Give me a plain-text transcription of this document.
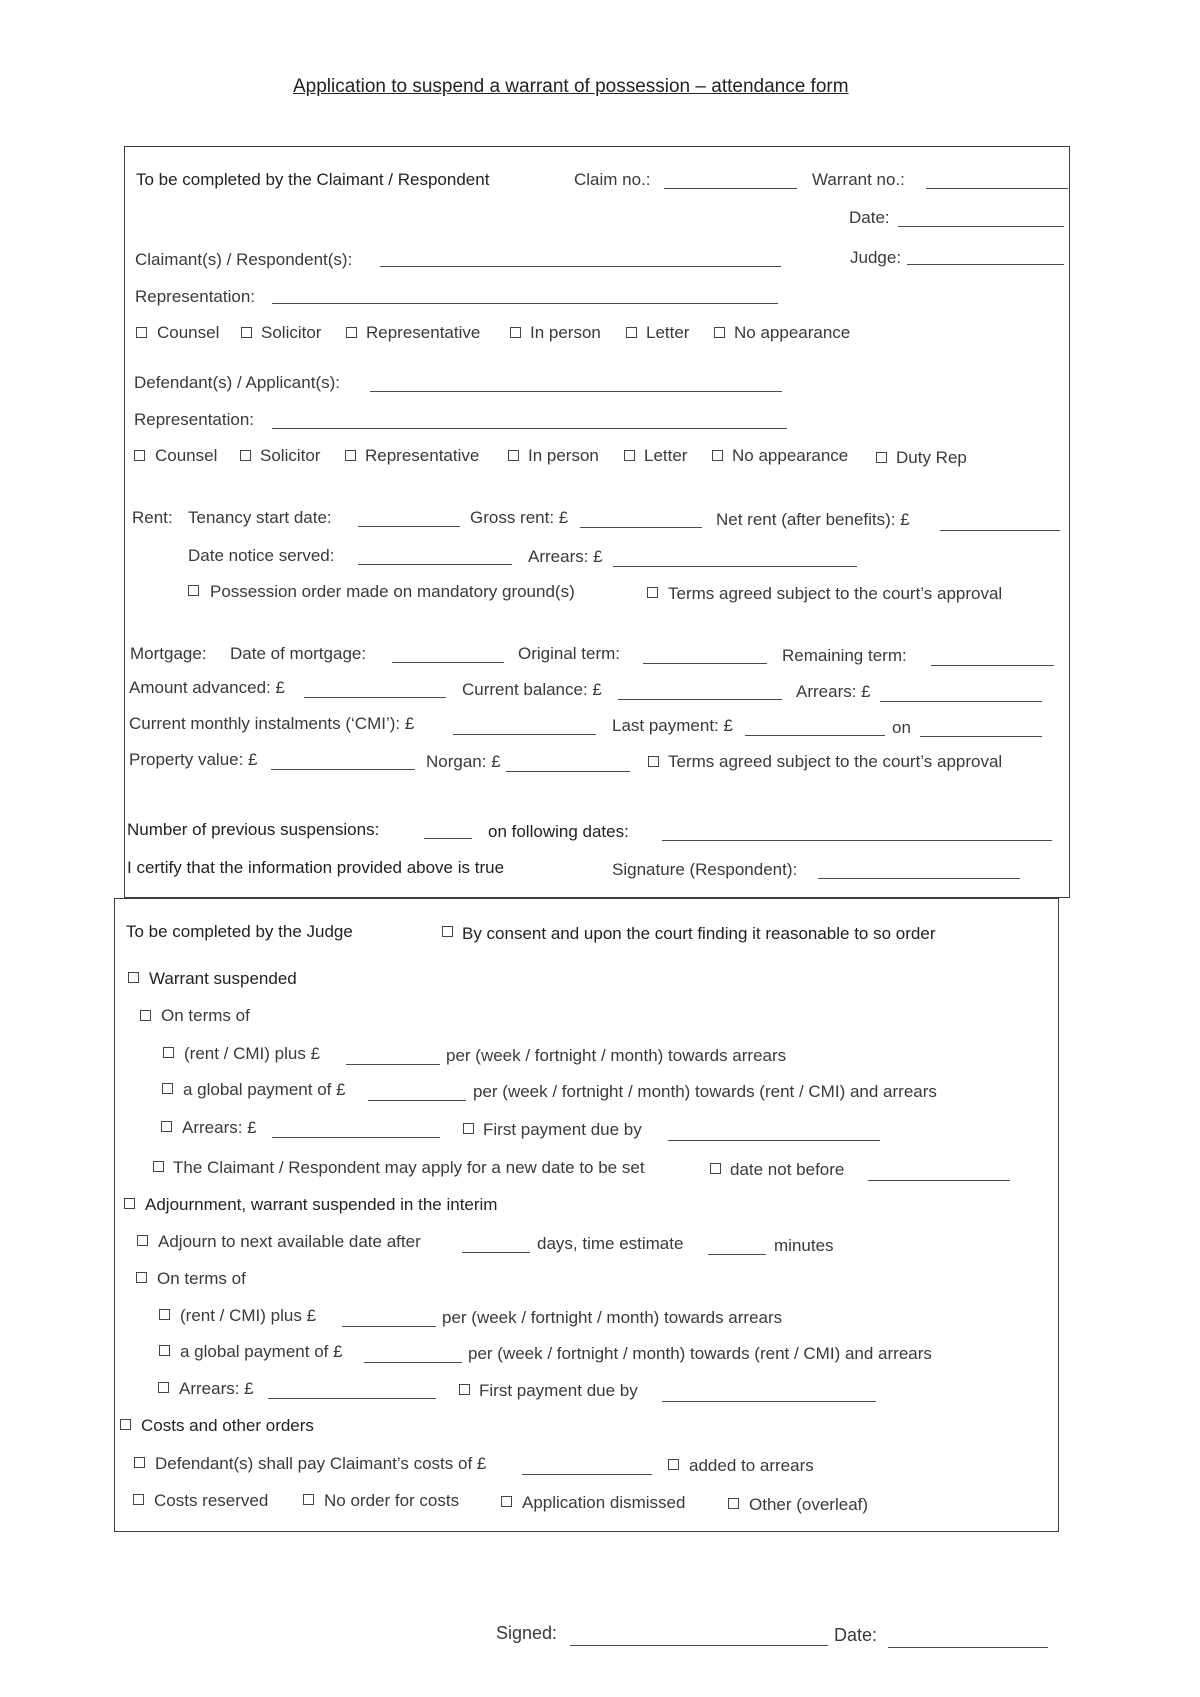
Application to suspend a warrant of possession – attendance form
To be completed by the Claimant / Respondent	Claim no.:	Warrant no.:
Date:
Claimant(s) / Respondent(s):	Judge:
Representation:
Counsel Solicitor	Representative	In person	Letter	No appearance
Defendant(s) / Applicant(s):
Representation:
Counsel	Solicitor	Representative	In person	Letter	No appearance	Duty Rep
Rent: Tenancy start date:	Gross rent: £	Net rent (after benefits): £
Date notice served:	Arrears: £
Possession order made on mandatory ground(s)	Terms agreed subject to the court’s approval
Mortgage: Date of mortgage:	Original term:	Remaining term:
Amount advanced: £	Current balance: £	Arrears: £
Current monthly instalments (‘CMI’): £	Last payment: £	on
Property value: £	Norgan: £	Terms agreed subject to the court’s approval
Number of previous suspensions:	on following dates:
I certify that the information provided above is true	Signature (Respondent):
To be completed by the Judge	By consent and upon the court finding it reasonable to so order
Warrant suspended
On terms of
(rent / CMI) plus £	per (week / fortnight / month) towards arrears
a global payment of £	per (week / fortnight / month) towards (rent / CMI) and arrears
Arrears: £	First payment due by
The Claimant / Respondent may apply for a new date to be set	date not before
Adjournment, warrant suspended in the interim
Adjourn to next available date after	days, time estimate	minutes
On terms of
(rent / CMI) plus £	per (week / fortnight / month) towards arrears
a global payment of £	per (week / fortnight / month) towards (rent / CMI) and arrears
Arrears: £	First payment due by
Costs and other orders
Defendant(s) shall pay Claimant’s costs of £	added to arrears
Costs reserved	No order for costs	Application dismissed	Other (overleaf)
Signed:	Date:
